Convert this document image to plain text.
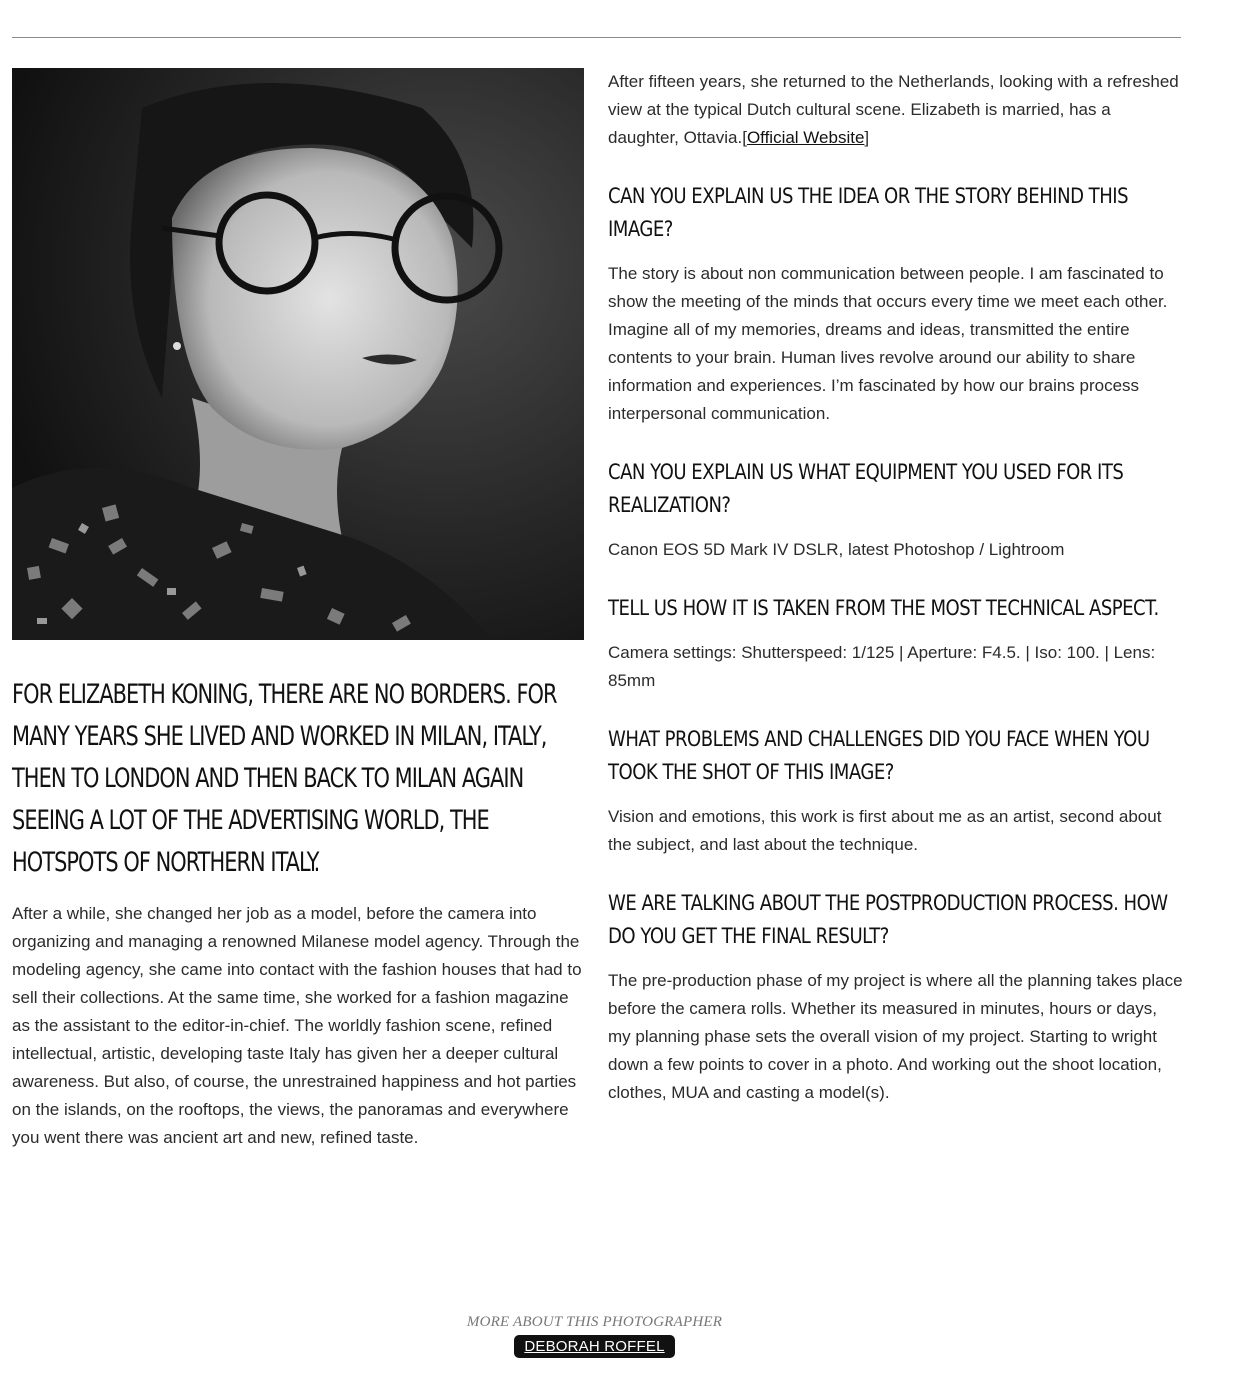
FOR ELIZABETH KONING, THERE ARE NO BORDERS. FOR MANY YEARS SHE LIVED AND WORKED IN MILAN, ITALY, THEN TO LONDON AND THEN BACK TO MILAN AGAIN SEEING A LOT OF THE ADVERTISING WORLD, THE HOTSPOTS OF NORTHERN ITALY.

After a while, she changed her job as a model, before the camera into organizing and managing a renowned Milanese model agency. Through the modeling agency, she came into contact with the fashion houses that had to sell their collections. At the same time, she worked for a fashion magazine as the assistant to the editor-in-chief. The worldly fashion scene, refined intellectual, artistic, developing taste Italy has given her a deeper cultural awareness. But also, of course, the unrestrained happiness and hot parties on the islands, on the rooftops, the views, the panoramas and everywhere you went there was ancient art and new, refined taste.

After fifteen years, she returned to the Netherlands, looking with a refreshed view at the typical Dutch cultural scene. Elizabeth is married, has a daughter, Ottavia.[Official Website]

CAN YOU EXPLAIN US THE IDEA OR THE STORY BEHIND THIS IMAGE?

The story is about non communication between people. I am fascinated to show the meeting of the minds that occurs every time we meet each other. Imagine all of my memories, dreams and ideas, transmitted the entire contents to your brain. Human lives revolve around our ability to share information and experiences. I’m fascinated by how our brains process interpersonal communication.

CAN YOU EXPLAIN US WHAT EQUIPMENT YOU USED FOR ITS REALIZATION?

Canon EOS 5D Mark IV DSLR, latest Photoshop / Lightroom

TELL US HOW IT IS TAKEN FROM THE MOST TECHNICAL ASPECT.

Camera settings: Shutterspeed: 1/125 | Aperture: F4.5. | Iso: 100. | Lens: 85mm

WHAT PROBLEMS AND CHALLENGES DID YOU FACE WHEN YOU TOOK THE SHOT OF THIS IMAGE?

Vision and emotions, this work is first about me as an artist, second about the subject, and last about the technique.

WE ARE TALKING ABOUT THE POSTPRODUCTION PROCESS. HOW DO YOU GET THE FINAL RESULT?

The pre-production phase of my project is where all the planning takes place before the camera rolls. Whether its measured in minutes, hours or days, my planning phase sets the overall vision of my project. Starting to wright down a few points to cover in a photo. And working out the shoot location, clothes, MUA and casting a model(s).

MORE ABOUT THIS PHOTOGRAPHER
DEBORAH ROFFEL
